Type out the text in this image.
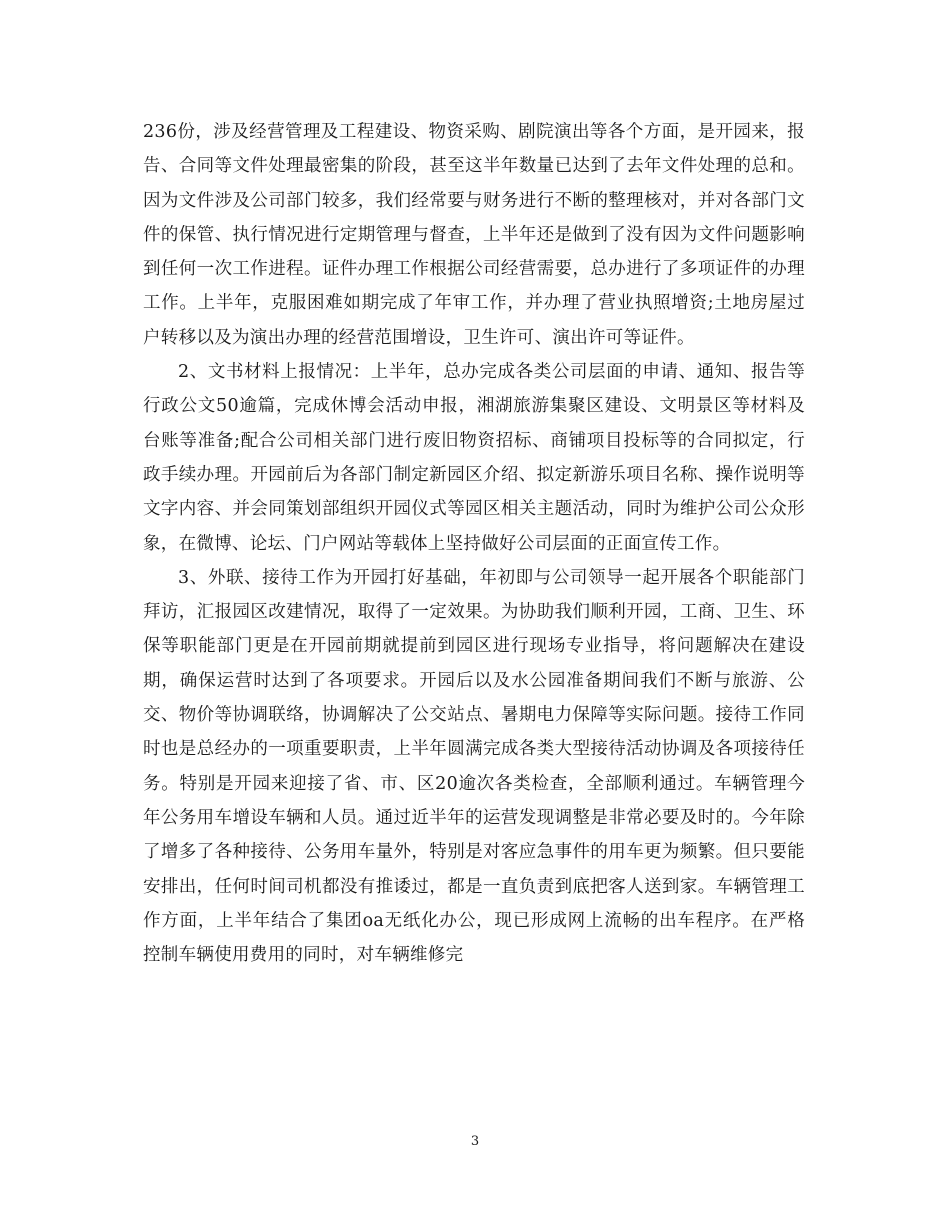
236份，涉及经营管理及工程建设、物资采购、剧院演出等各个方面，是开园来，报告、合同等文件处理最密集的阶段，甚至这半年数量已达到了去年文件处理的总和。因为文件涉及公司部门较多，我们经常要与财务进行不断的整理核对，并对各部门文件的保管、执行情况进行定期管理与督查，上半年还是做到了没有因为文件问题影响到任何一次工作进程。证件办理工作根据公司经营需要，总办进行了多项证件的办理工作。上半年，克服困难如期完成了年审工作，并办理了营业执照增资;土地房屋过户转移以及为演出办理的经营范围增设，卫生许可、演出许可等证件。

2、文书材料上报情况：上半年，总办完成各类公司层面的申请、通知、报告等行政公文50逾篇，完成休博会活动申报，湘湖旅游集聚区建设、文明景区等材料及台账等准备;配合公司相关部门进行废旧物资招标、商铺项目投标等的合同拟定，行政手续办理。开园前后为各部门制定新园区介绍、拟定新游乐项目名称、操作说明等文字内容、并会同策划部组织开园仪式等园区相关主题活动，同时为维护公司公众形象，在微博、论坛、门户网站等载体上坚持做好公司层面的正面宣传工作。

3、外联、接待工作为开园打好基础，年初即与公司领导一起开展各个职能部门拜访，汇报园区改建情况，取得了一定效果。为协助我们顺利开园，工商、卫生、环保等职能部门更是在开园前期就提前到园区进行现场专业指导，将问题解决在建设期，确保运营时达到了各项要求。开园后以及水公园准备期间我们不断与旅游、公交、物价等协调联络，协调解决了公交站点、暑期电力保障等实际问题。接待工作同时也是总经办的一项重要职责，上半年圆满完成各类大型接待活动协调及各项接待任务。特别是开园来迎接了省、市、区20逾次各类检查，全部顺利通过。车辆管理今年公务用车增设车辆和人员。通过近半年的运营发现调整是非常必要及时的。今年除了增多了各种接待、公务用车量外，特别是对客应急事件的用车更为频繁。但只要能安排出，任何时间司机都没有推诿过，都是一直负责到底把客人送到家。车辆管理工作方面，上半年结合了集团oa无纸化办公，现已形成网上流畅的出车程序。在严格控制车辆使用费用的同时，对车辆维修完

3
